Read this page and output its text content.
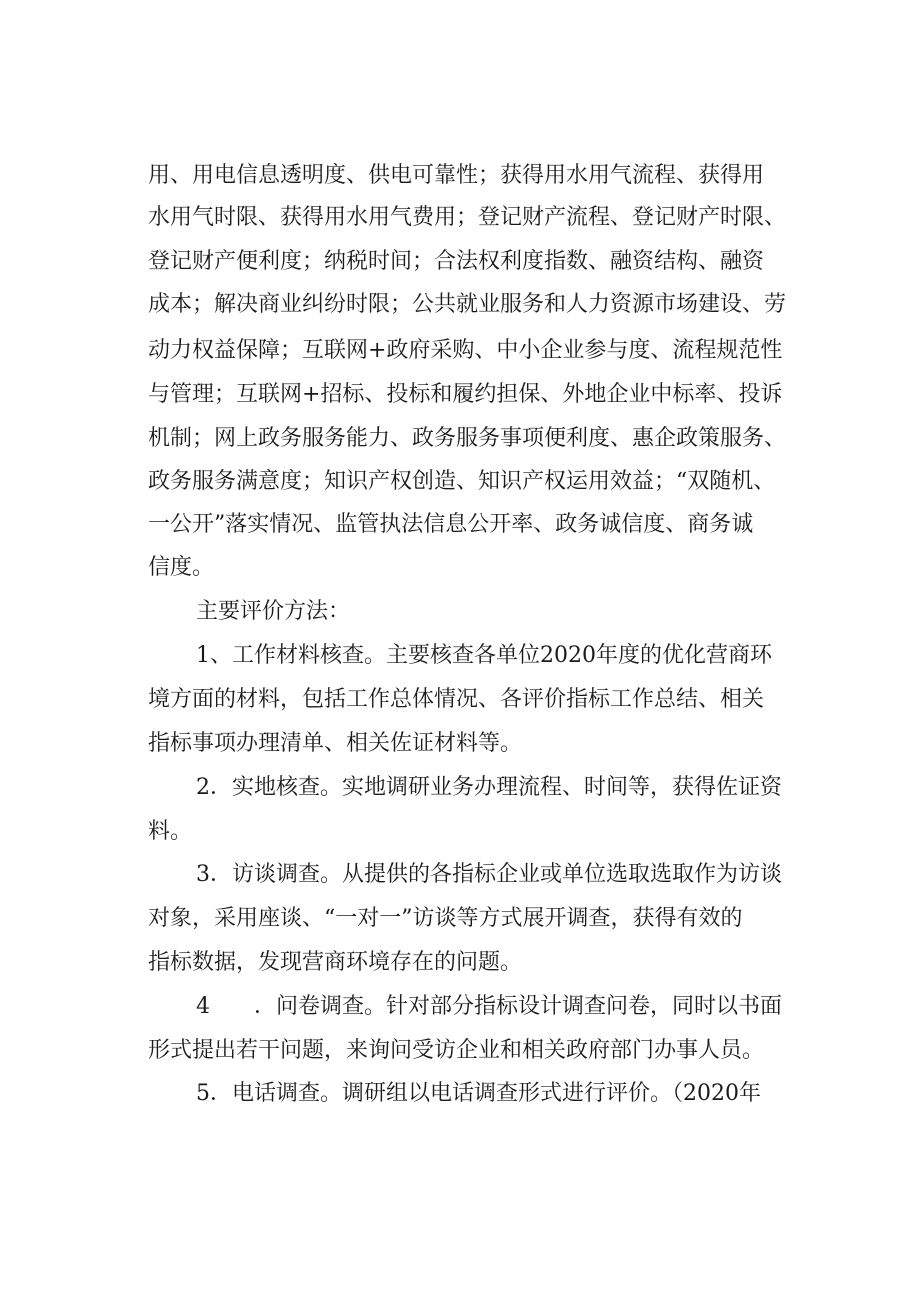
用、用电信息透明度、供电可靠性；获得用水用气流程、获得用
水用气时限、获得用水用气费用；登记财产流程、登记财产时限、
登记财产便利度；纳税时间；合法权利度指数、融资结构、融资
成本；解决商业纠纷时限；公共就业服务和人力资源市场建设、劳
动力权益保障；互联网+政府采购、中小企业参与度、流程规范性
与管理；互联网+招标、投标和履约担保、外地企业中标率、投诉
机制；网上政务服务能力、政务服务事项便利度、惠企政策服务、
政务服务满意度；知识产权创造、知识产权运用效益；“双随机、
一公开”落实情况、监管执法信息公开率、政务诚信度、商务诚
信度。
主要评价方法：
1、工作材料核查。主要核查各单位2020年度的优化营商环
境方面的材料，包括工作总体情况、各评价指标工作总结、相关
指标事项办理清单、相关佐证材料等。
2．实地核查。实地调研业务办理流程、时间等，获得佐证资
料。
3．访谈调查。从提供的各指标企业或单位选取选取作为访谈
对象，采用座谈、“一对一”访谈等方式展开调查，获得有效的
指标数据，发现营商环境存在的问题。
4　　．问卷调查。针对部分指标设计调查问卷，同时以书面
形式提出若干问题，来询问受访企业和相关政府部门办事人员。
5．电话调查。调研组以电话调查形式进行评价。（2020年
